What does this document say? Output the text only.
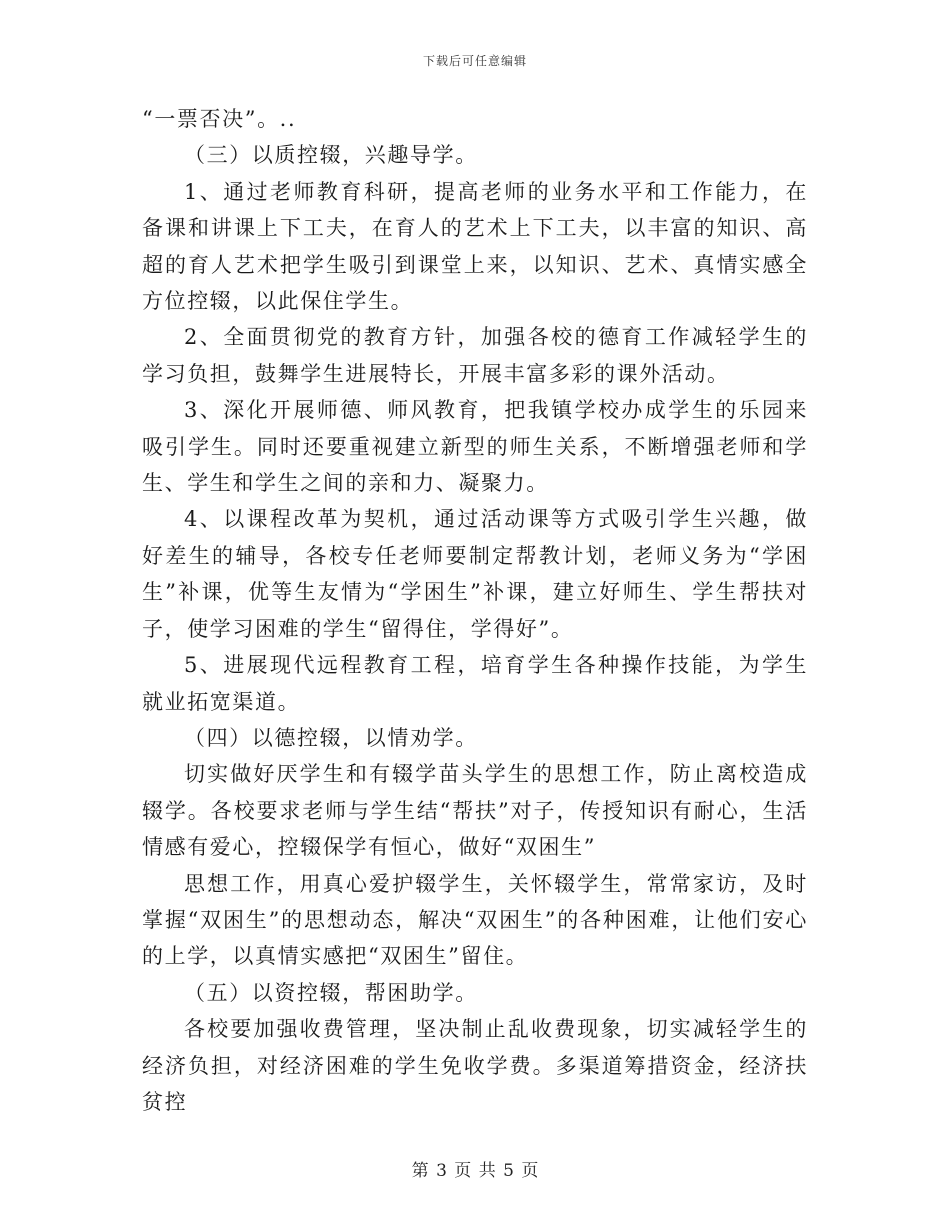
下载后可任意编辑

“一票否决”。..

（三）以质控辍，兴趣导学。

1、通过老师教育科研，提高老师的业务水平和工作能力，在备课和讲课上下工夫，在育人的艺术上下工夫，以丰富的知识、高超的育人艺术把学生吸引到课堂上来，以知识、艺术、真情实感全方位控辍，以此保住学生。

2、全面贯彻党的教育方针，加强各校的德育工作减轻学生的学习负担，鼓舞学生进展特长，开展丰富多彩的课外活动。

3、深化开展师德、师风教育，把我镇学校办成学生的乐园来吸引学生。同时还要重视建立新型的师生关系，不断增强老师和学生、学生和学生之间的亲和力、凝聚力。

4、以课程改革为契机，通过活动课等方式吸引学生兴趣，做好差生的辅导，各校专任老师要制定帮教计划，老师义务为“学困生”补课，优等生友情为“学困生”补课，建立好师生、学生帮扶对子，使学习困难的学生“留得住，学得好”。

5、进展现代远程教育工程，培育学生各种操作技能，为学生就业拓宽渠道。

（四）以德控辍，以情劝学。

切实做好厌学生和有辍学苗头学生的思想工作，防止离校造成辍学。各校要求老师与学生结“帮扶”对子，传授知识有耐心，生活情感有爱心，控辍保学有恒心，做好“双困生”

思想工作，用真心爱护辍学生，关怀辍学生，常常家访，及时掌握“双困生”的思想动态，解决“双困生”的各种困难，让他们安心的上学，以真情实感把“双困生”留住。

（五）以资控辍，帮困助学。

各校要加强收费管理，坚决制止乱收费现象，切实减轻学生的经济负担，对经济困难的学生免收学费。多渠道筹措资金，经济扶贫控

第 3 页 共 5 页
